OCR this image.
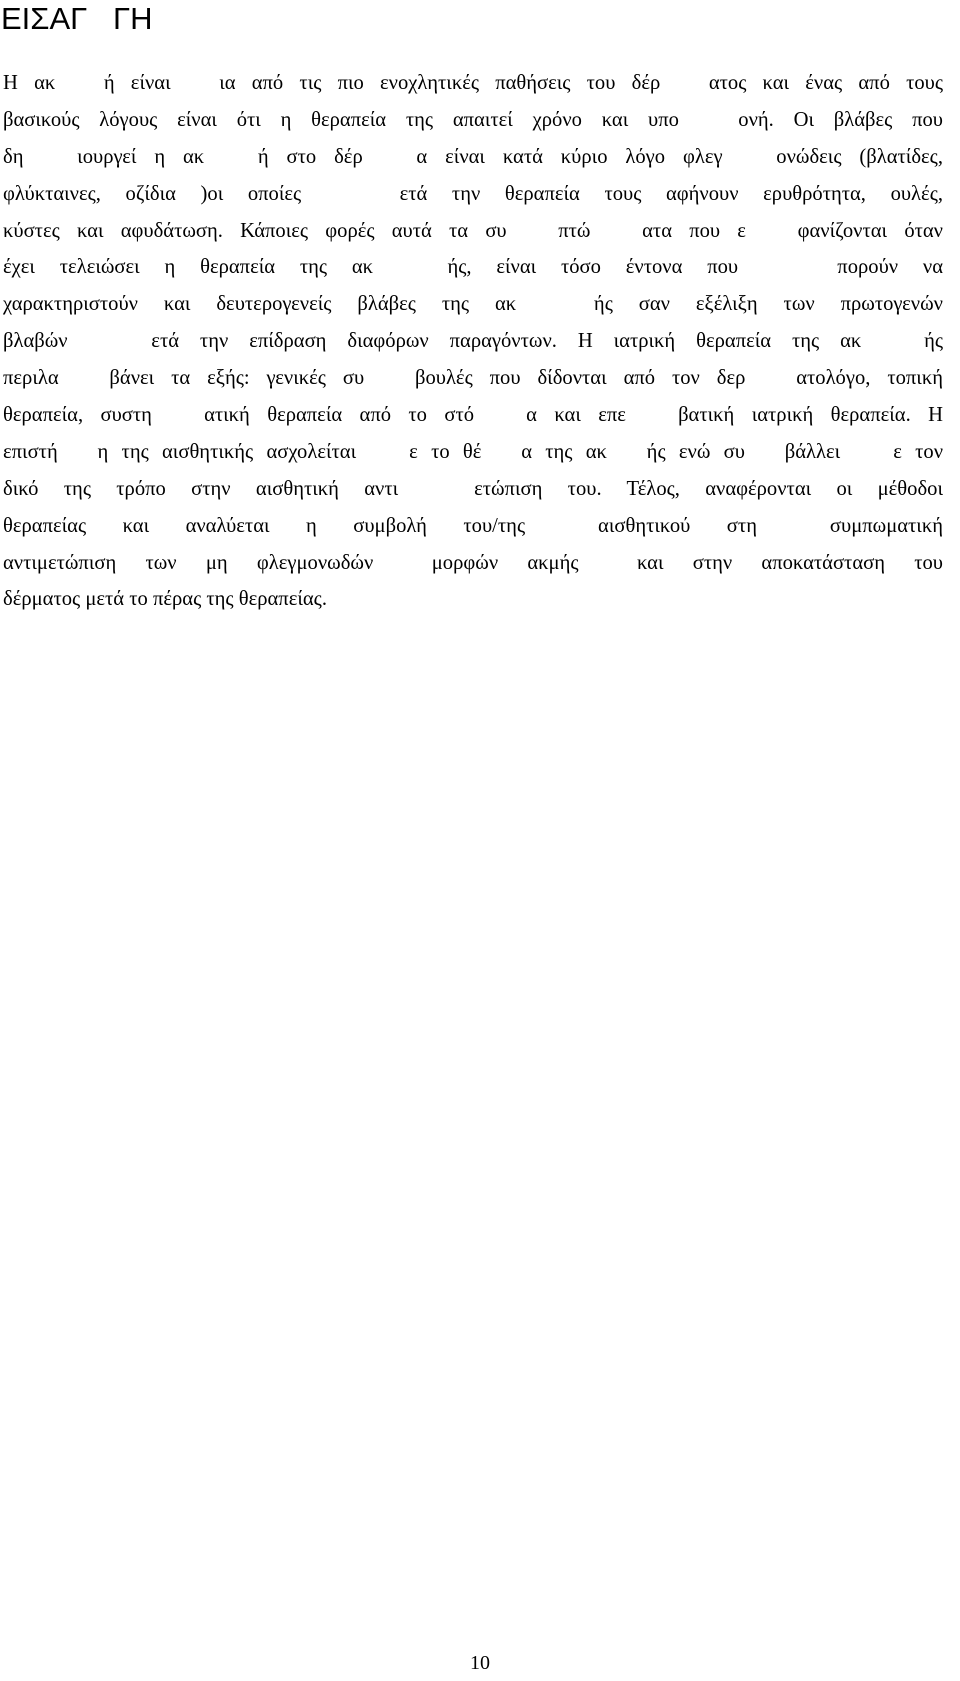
ΕΙΣΑΓ   ΓΗ
Η ακ   ή είναι   ια από τις πιο ενοχλητικές παθήσεις του δέρ   ατος και ένας από τους
βασικούς λόγους είναι ότι η θεραπεία της απαιτεί χρόνο και υπο   ονή. Οι βλάβες που
δη   ιουργεί η ακ   ή στο δέρ   α είναι κατά κύριο λόγο φλεγ   ονώδεις (βλατίδες,
φλύκταινες, οζίδια )οι οποίες    ετά την θεραπεία τους αφήνουν ερυθρότητα, ουλές,
κύστες και αφυδάτωση. Κάποιες φορές αυτά τα συ   πτώ   ατα που ε   φανίζονται όταν
έχει τελειώσει η θεραπεία της ακ   ής, είναι τόσο έντονα που    πορούν να
χαρακτηριστούν και δευτερογενείς βλάβες της ακ   ής σαν εξέλιξη των πρωτογενών
βλαβών    ετά την επίδραση διαφόρων παραγόντων. Η ιατρική θεραπεία της ακ   ής
περιλα   βάνει τα εξής: γενικές συ   βουλές που δίδονται από τον δερ   ατολόγο, τοπική
θεραπεία, συστη   ατική θεραπεία από το στό   α και επε   βατική ιατρική θεραπεία. Η
επιστή   η της αισθητικής ασχολείται    ε το θέ   α της ακ   ής ενώ συ   βάλλει    ε τον
δικό της τρόπο στην αισθητική αντι   ετώπιση του. Τέλος, αναφέρονται οι μέθοδοι
θεραπείας και αναλύεται η συμβολή του/της  αισθητικού στη  συμπωματική
αντιμετώπιση των μη φλεγμονωδών  μορφών ακμής  και στην αποκατάσταση του
δέρματος μετά το πέρας της θεραπείας.
10
